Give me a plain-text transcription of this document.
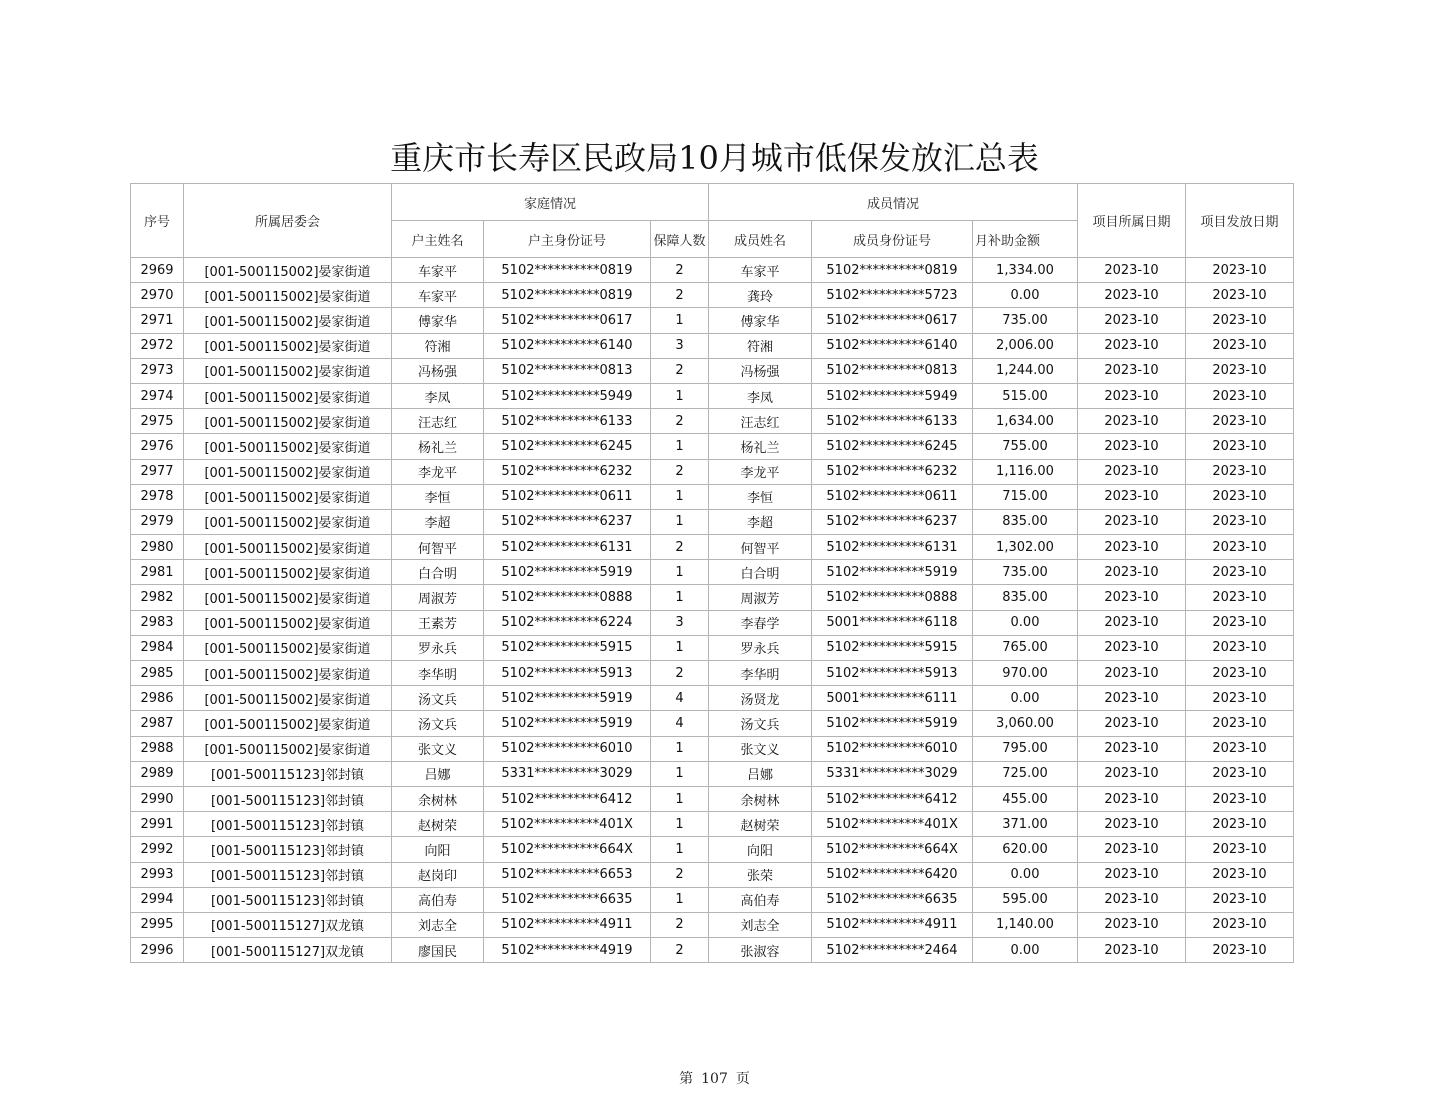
重庆市长寿区民政局10月城市低保发放汇总表
序号	所属居委会	家庭情况			成员情况			项目所属日期	项目发放日期
		户主姓名	户主身份证号	保障人数	成员姓名	成员身份证号	月补助金额		
2969	[001-500115002]晏家街道	车家平	5102**********0819	2	车家平	5102**********0819	1,334.00	2023-10	2023-10
2970	[001-500115002]晏家街道	车家平	5102**********0819	2	龚玲	5102**********5723	0.00	2023-10	2023-10
2971	[001-500115002]晏家街道	傅家华	5102**********0617	1	傅家华	5102**********0617	735.00	2023-10	2023-10
2972	[001-500115002]晏家街道	符湘	5102**********6140	3	符湘	5102**********6140	2,006.00	2023-10	2023-10
2973	[001-500115002]晏家街道	冯杨强	5102**********0813	2	冯杨强	5102**********0813	1,244.00	2023-10	2023-10
2974	[001-500115002]晏家街道	李凤	5102**********5949	1	李凤	5102**********5949	515.00	2023-10	2023-10
2975	[001-500115002]晏家街道	汪志红	5102**********6133	2	汪志红	5102**********6133	1,634.00	2023-10	2023-10
2976	[001-500115002]晏家街道	杨礼兰	5102**********6245	1	杨礼兰	5102**********6245	755.00	2023-10	2023-10
2977	[001-500115002]晏家街道	李龙平	5102**********6232	2	李龙平	5102**********6232	1,116.00	2023-10	2023-10
2978	[001-500115002]晏家街道	李恒	5102**********0611	1	李恒	5102**********0611	715.00	2023-10	2023-10
2979	[001-500115002]晏家街道	李超	5102**********6237	1	李超	5102**********6237	835.00	2023-10	2023-10
2980	[001-500115002]晏家街道	何智平	5102**********6131	2	何智平	5102**********6131	1,302.00	2023-10	2023-10
2981	[001-500115002]晏家街道	白合明	5102**********5919	1	白合明	5102**********5919	735.00	2023-10	2023-10
2982	[001-500115002]晏家街道	周淑芳	5102**********0888	1	周淑芳	5102**********0888	835.00	2023-10	2023-10
2983	[001-500115002]晏家街道	王素芳	5102**********6224	3	李春学	5001**********6118	0.00	2023-10	2023-10
2984	[001-500115002]晏家街道	罗永兵	5102**********5915	1	罗永兵	5102**********5915	765.00	2023-10	2023-10
2985	[001-500115002]晏家街道	李华明	5102**********5913	2	李华明	5102**********5913	970.00	2023-10	2023-10
2986	[001-500115002]晏家街道	汤文兵	5102**********5919	4	汤贤龙	5001**********6111	0.00	2023-10	2023-10
2987	[001-500115002]晏家街道	汤文兵	5102**********5919	4	汤文兵	5102**********5919	3,060.00	2023-10	2023-10
2988	[001-500115002]晏家街道	张文义	5102**********6010	1	张文义	5102**********6010	795.00	2023-10	2023-10
2989	[001-500115123]邻封镇	吕娜	5331**********3029	1	吕娜	5331**********3029	725.00	2023-10	2023-10
2990	[001-500115123]邻封镇	余树林	5102**********6412	1	余树林	5102**********6412	455.00	2023-10	2023-10
2991	[001-500115123]邻封镇	赵树荣	5102**********401X	1	赵树荣	5102**********401X	371.00	2023-10	2023-10
2992	[001-500115123]邻封镇	向阳	5102**********664X	1	向阳	5102**********664X	620.00	2023-10	2023-10
2993	[001-500115123]邻封镇	赵岗印	5102**********6653	2	张荣	5102**********6420	0.00	2023-10	2023-10
2994	[001-500115123]邻封镇	高伯寿	5102**********6635	1	高伯寿	5102**********6635	595.00	2023-10	2023-10
2995	[001-500115127]双龙镇	刘志全	5102**********4911	2	刘志全	5102**********4911	1,140.00	2023-10	2023-10
2996	[001-500115127]双龙镇	廖国民	5102**********4919	2	张淑容	5102**********2464	0.00	2023-10	2023-10
第 107 页
